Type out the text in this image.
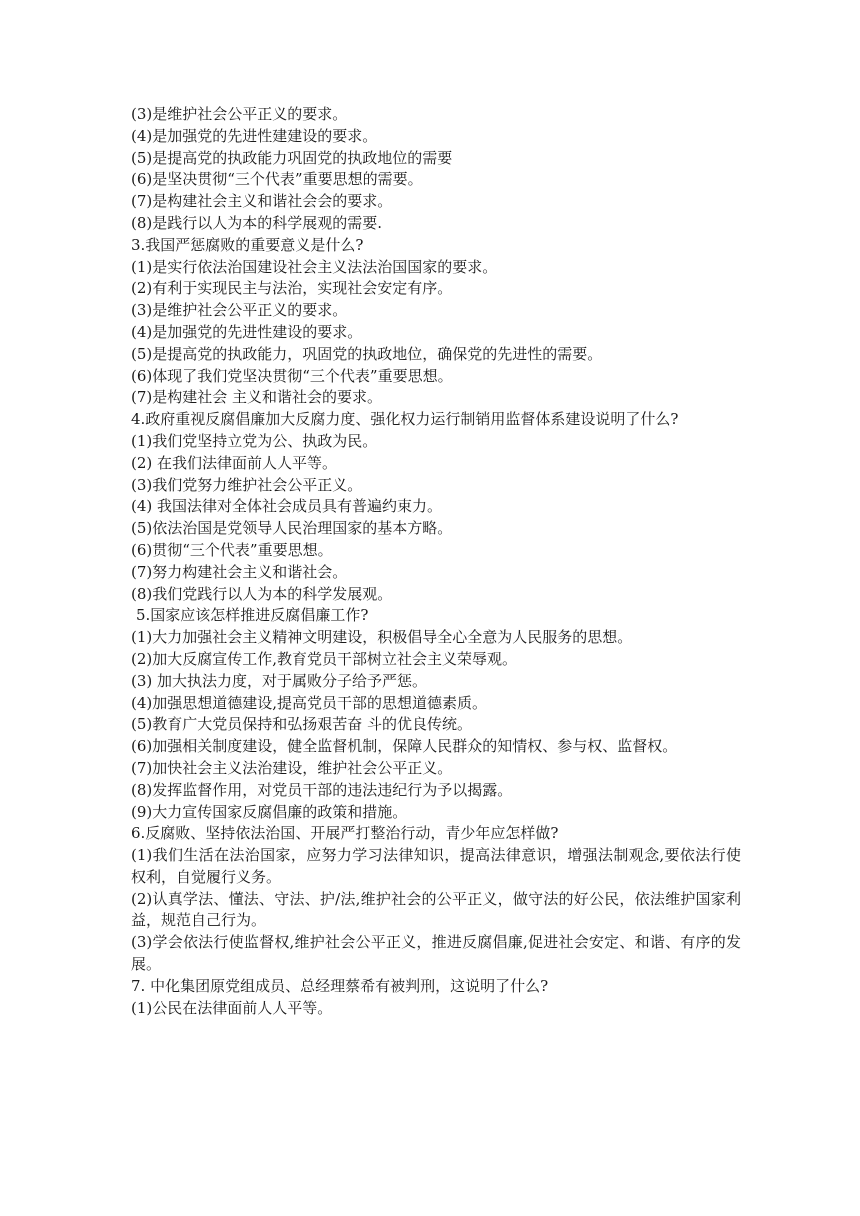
(3)是维护社会公平正义的要求。
(4)是加强党的先进性建建设的要求。
(5)是提高党的执政能力巩固党的执政地位的需要
(6)是坚决贯彻“三个代表”重要思想的需要。
(7)是构建社会主义和谐社会会的要求。
(8)是践行以人为本的科学展观的需要.
3.我国严惩腐败的重要意义是什么?
(1)是实行依法治国建设社会主义法法治国国家的要求。
(2)有利于实现民主与法治，实现社会安定有序。
(3)是维护社会公平正义的要求。
(4)是加强党的先进性建设的要求。
(5)是提高党的执政能力，巩固党的执政地位，确保党的先进性的需要。
(6)体现了我们党坚决贯彻“三个代表”重要思想。
(7)是构建社会 主义和谐社会的要求。
4.政府重视反腐倡廉加大反腐力度、强化权力运行制销用监督体系建设说明了什么?
(1)我们党坚持立党为公、执政为民。
(2) 在我们法律面前人人平等。
(3)我们党努力维护社会公平正义。
(4) 我国法律对全体社会成员具有普遍约束力。
(5)依法治国是党领导人民治理国家的基本方略。
(6)贯彻“三个代表”重要思想。
(7)努力构建社会主义和谐社会。
(8)我们党践行以人为本的科学发展观。
5.国家应该怎样推进反腐倡廉工作?
(1)大力加强社会主义精神文明建设，积极倡导全心全意为人民服务的思想。
(2)加大反腐宣传工作,教育党员干部树立社会主义荣辱观。
(3) 加大执法力度，对于属败分子给予严惩。
(4)加强思想道德建设,提高党员干部的思想道德素质。
(5)教育广大党员保持和弘扬艰苦奋 斗的优良传统。
(6)加强相关制度建设，健全监督机制，保障人民群众的知情权、参与权、监督权。
(7)加快社会主义法治建设，维护社会公平正义。
(8)发挥监督作用，对党员干部的违法违纪行为予以揭露。
(9)大力宣传国家反腐倡廉的政策和措施。
6.反腐败、坚持依法治国、开展严打整治行动，青少年应怎样做?
(1)我们生活在法治国家，应努力学习法律知识，提高法律意识，增强法制观念,要依法行使权利，自觉履行义务。
(2)认真学法、懂法、守法、护/法,维护社会的公平正义，做守法的好公民，依法维护国家利益，规范自己行为。
(3)学会依法行使监督权,维护社会公平正义，推进反腐倡廉,促进社会安定、和谐、有序的发展。
7. 中化集团原党组成员、总经理蔡希有被判刑，这说明了什么?
(1)公民在法律面前人人平等。
